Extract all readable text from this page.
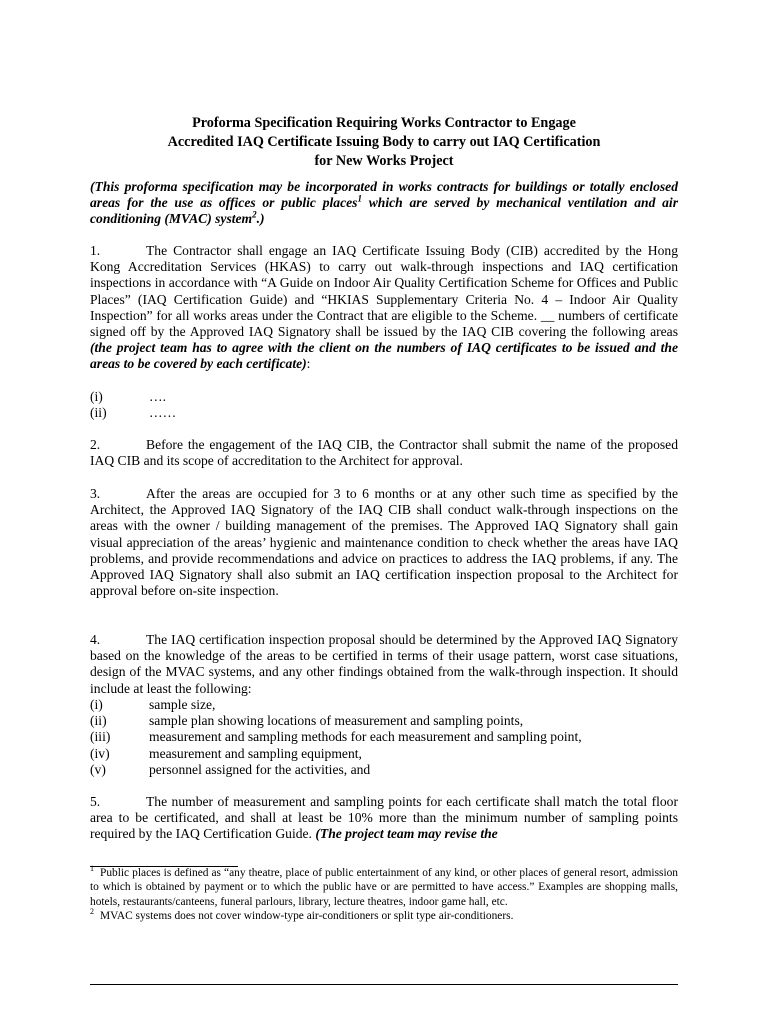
Proforma Specification Requiring Works Contractor to Engage
Accredited IAQ Certificate Issuing Body to carry out IAQ Certification
for New Works Project
(This proforma specification may be incorporated in works contracts for buildings or totally enclosed areas for the use as offices or public places$^1$ which are served by mechanical ventilation and air conditioning (MVAC) system$^2$.)
1.	The Contractor shall engage an IAQ Certificate Issuing Body (CIB) accredited by the Hong Kong Accreditation Services (HKAS) to carry out walk-through inspections and IAQ certification inspections in accordance with “A Guide on Indoor Air Quality Certification Scheme for Offices and Public Places” (IAQ Certification Guide) and “HKIAS Supplementary Criteria No. 4 – Indoor Air Quality Inspection” for all works areas under the Contract that are eligible to the Scheme. __ numbers of certificate signed off by the Approved IAQ Signatory shall be issued by the IAQ CIB covering the following areas (the project team has to agree with the client on the numbers of IAQ certificates to be issued and the areas to be covered by each certificate):
(i)	….
(ii)	……
2.	Before the engagement of the IAQ CIB, the Contractor shall submit the name of the proposed IAQ CIB and its scope of accreditation to the Architect for approval.
3.	After the areas are occupied for 3 to 6 months or at any other such time as specified by the Architect, the Approved IAQ Signatory of the IAQ CIB shall conduct walk-through inspections on the areas with the owner / building management of the premises. The Approved IAQ Signatory shall gain visual appreciation of the areas’ hygienic and maintenance condition to check whether the areas have IAQ problems, and provide recommendations and advice on practices to address the IAQ problems, if any. The Approved IAQ Signatory shall also submit an IAQ certification inspection proposal to the Architect for approval before on-site inspection.
4.	The IAQ certification inspection proposal should be determined by the Approved IAQ Signatory based on the knowledge of the areas to be certified in terms of their usage pattern, worst case situations, design of the MVAC systems, and any other findings obtained from the walk-through inspection. It should include at least the following:
(i)	sample size,
(ii)	sample plan showing locations of measurement and sampling points,
(iii)	measurement and sampling methods for each measurement and sampling point,
(iv)	measurement and sampling equipment,
(v)	personnel assigned for the activities, and
5.	The number of measurement and sampling points for each certificate shall match the total floor area to be certificated, and shall at least be 10% more than the minimum number of sampling points required by the IAQ Certification Guide. (The project team may revise the
$^1$ Public places is defined as “any theatre, place of public entertainment of any kind, or other places of general resort, admission to which is obtained by payment or to which the public have or are permitted to have access.” Examples are shopping malls, hotels, restaurants/canteens, funeral parlours, library, lecture theatres, indoor game hall, etc.
$^2$ MVAC systems does not cover window-type air-conditioners or split type air-conditioners.
